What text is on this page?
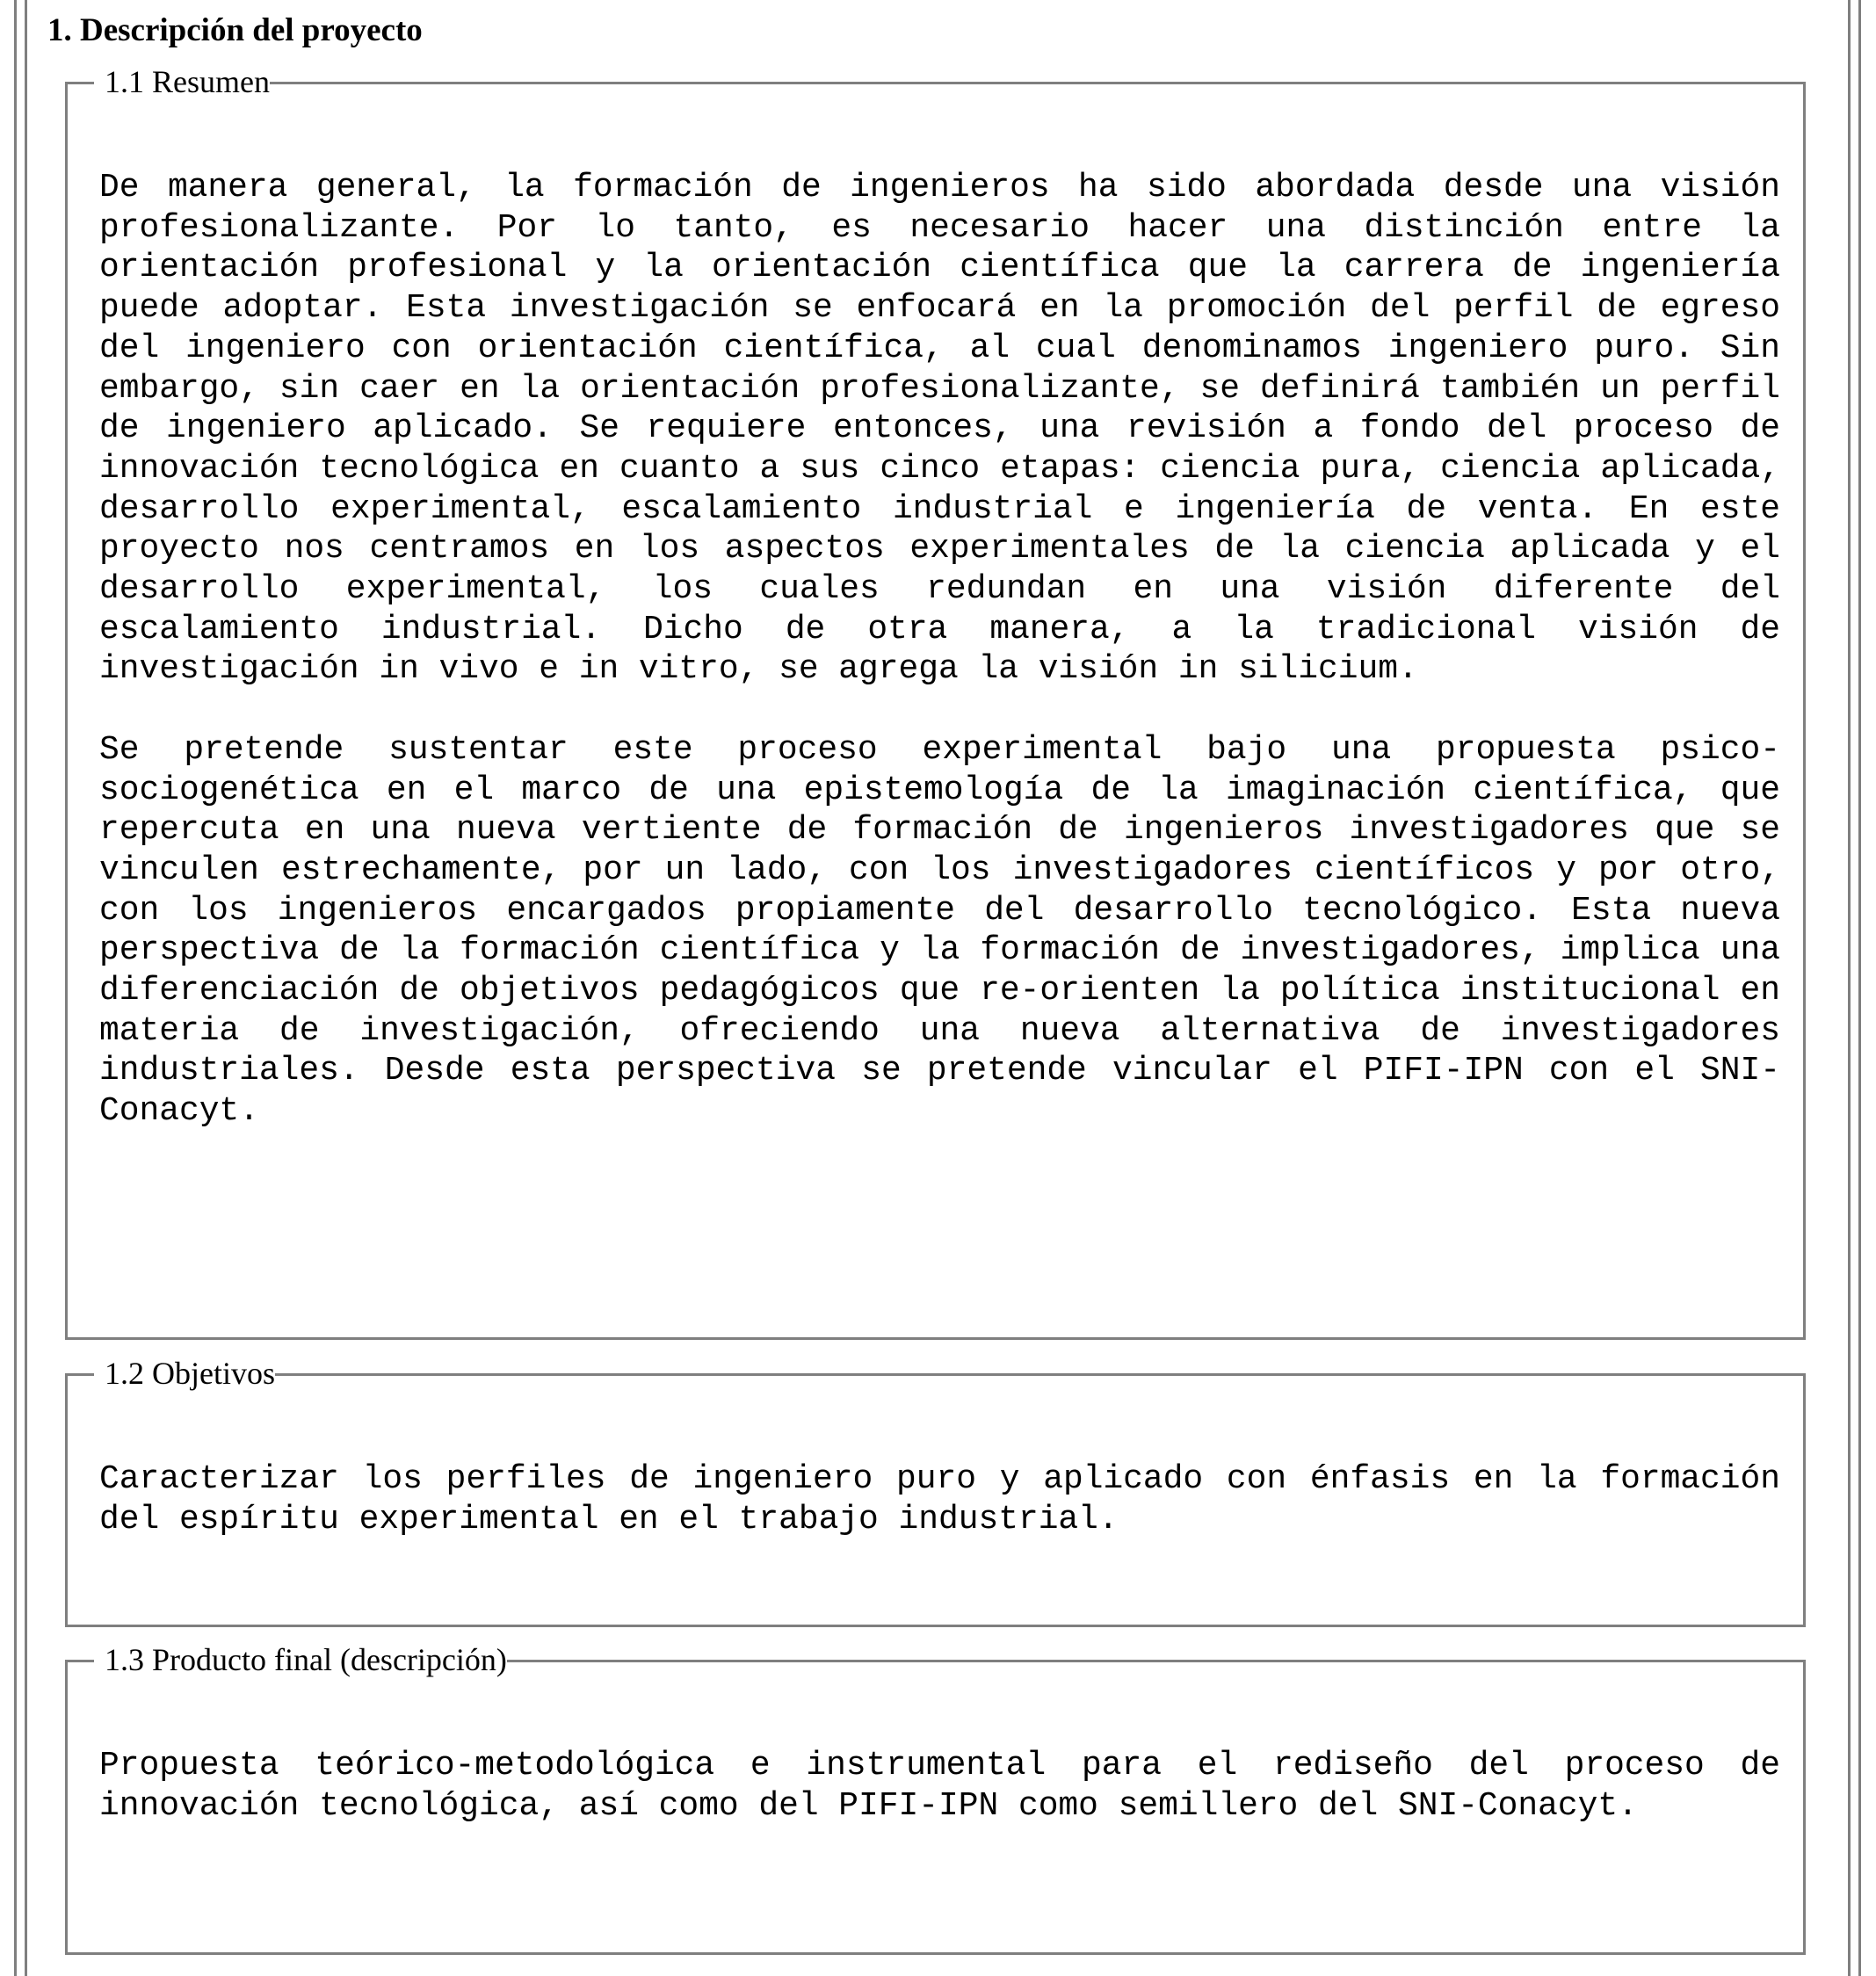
1. Descripción del proyecto
1.1 Resumen

De manera general, la formación de ingenieros ha sido abordada desde una visión profesionalizante. Por lo tanto, es necesario hacer una distinción entre la orientación profesional y la orientación científica que la carrera de ingeniería puede adoptar. Esta investigación se enfocará en la promoción del perfil de egreso del ingeniero con orientación científica, al cual denominamos ingeniero puro. Sin embargo, sin caer en la orientación profesionalizante, se definirá también un perfil de ingeniero aplicado. Se requiere entonces, una revisión a fondo del proceso de innovación tecnológica en cuanto a sus cinco etapas: ciencia pura, ciencia aplicada, desarrollo experimental, escalamiento industrial e ingeniería de venta. En este proyecto nos centramos en los aspectos experimentales de la ciencia aplicada y el desarrollo experimental, los cuales redundan en una visión diferente del escalamiento industrial. Dicho de otra manera, a la tradicional visión de investigación in vivo e in vitro, se agrega la visión in silicium.

Se pretende sustentar este proceso experimental bajo una propuesta psico-sociogenética en el marco de una epistemología de la imaginación científica, que repercuta en una nueva vertiente de formación de ingenieros investigadores que se vinculen estrechamente, por un lado, con los investigadores científicos y por otro, con los ingenieros encargados propiamente del desarrollo tecnológico. Esta nueva perspectiva de la formación científica y la formación de investigadores, implica una diferenciación de objetivos pedagógicos que re-orienten la política institucional en materia de investigación, ofreciendo una nueva alternativa de investigadores industriales. Desde esta perspectiva se pretende vincular el PIFI-IPN con el SNI-Conacyt.

1.2 Objetivos

Caracterizar los perfiles de ingeniero puro y aplicado con énfasis en la formación del espíritu experimental en el trabajo industrial.

1.3 Producto final (descripción)

Propuesta teórico-metodológica e instrumental para el rediseño del proceso de innovación tecnológica, así como del PIFI-IPN como semillero del SNI-Conacyt.
